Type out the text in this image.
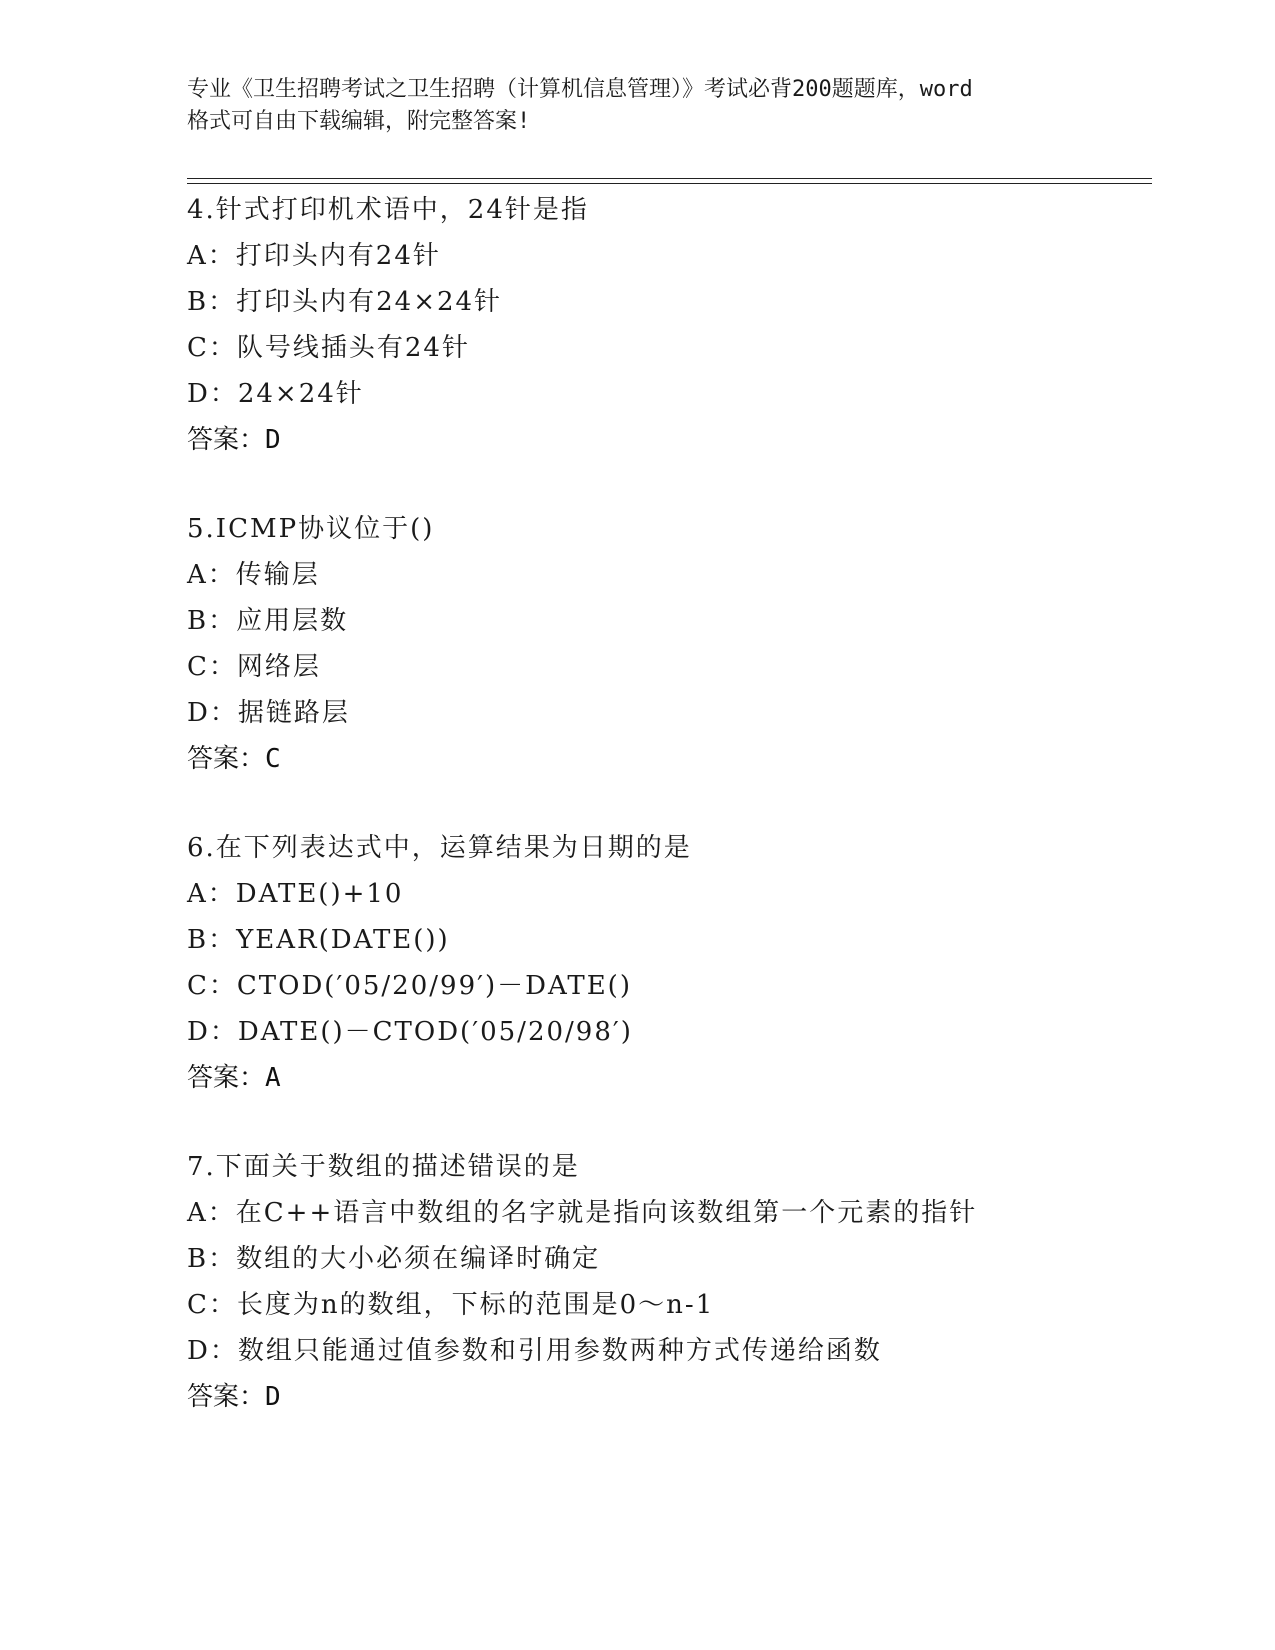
专业《卫生招聘考试之卫生招聘（计算机信息管理）》考试必背200题题库，word
格式可自由下载编辑，附完整答案!
4.针式打印机术语中，24针是指
A：打印头内有24针
B：打印头内有24×24针
C：队号线插头有24针
D：24×24针
答案：D
5.ICMP协议位于()
A：传输层
B：应用层数
C：网络层
D：据链路层
答案：C
6.在下列表达式中，运算结果为日期的是
A：DATE()+10
B：YEAR(DATE())
C：CTOD(′05/20/99′)－DATE()
D：DATE()－CTOD(′05/20/98′)
答案：A
7.下面关于数组的描述错误的是
A：在C++语言中数组的名字就是指向该数组第一个元素的指针
B：数组的大小必须在编译时确定
C：长度为n的数组，下标的范围是0～n-1
D：数组只能通过值参数和引用参数两种方式传递给函数
答案：D
